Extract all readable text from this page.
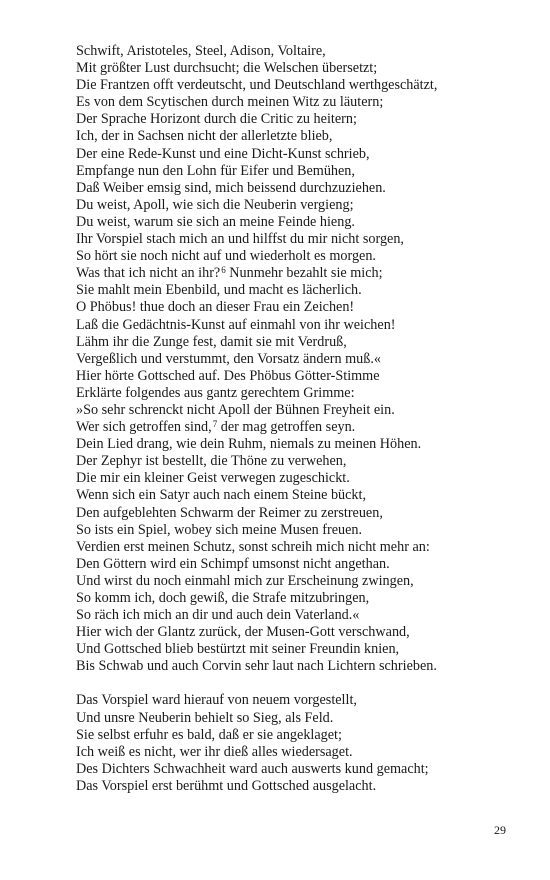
Schwift, Aristoteles, Steel, Adison, Voltaire,
Mit größter Lust durchsucht; die Welschen übersetzt;
Die Frantzen offt verdeutscht, und Deutschland werthgeschätzt,
Es von dem Scytischen durch meinen Witz zu läutern;
Der Sprache Horizont durch die Critic zu heitern;
Ich, der in Sachsen nicht der allerletzte blieb,
Der eine Rede-Kunst und eine Dicht-Kunst schrieb,
Empfange nun den Lohn für Eifer und Bemühen,
Daß Weiber emsig sind, mich beissend durchzuziehen.
Du weist, Apoll, wie sich die Neuberin vergieng;
Du weist, warum sie sich an meine Feinde hieng.
Ihr Vorspiel stach mich an und hilffst du mir nicht sorgen,
So hört sie noch nicht auf und wiederholt es morgen.
Was that ich nicht an ihr?$^6$ Nunmehr bezahlt sie mich;
Sie mahlt mein Ebenbild, und macht es lächerlich.
O Phöbus! thue doch an dieser Frau ein Zeichen!
Laß die Gedächtnis-Kunst auf einmahl von ihr weichen!
Lähm ihr die Zunge fest, damit sie mit Verdruß,
Vergeßlich und verstummt, den Vorsatz ändern muß.«
Hier hörte Gottsched auf. Des Phöbus Götter-Stimme
Erklärte folgendes aus gantz gerechtem Grimme:
»So sehr schrenckt nicht Apoll der Bühnen Freyheit ein.
Wer sich getroffen sind,$^7$ der mag getroffen seyn.
Dein Lied drang, wie dein Ruhm, niemals zu meinen Höhen.
Der Zephyr ist bestellt, die Thöne zu verwehen,
Die mir ein kleiner Geist verwegen zugeschickt.
Wenn sich ein Satyr auch nach einem Steine bückt,
Den aufgeblehten Schwarm der Reimer zu zerstreuen,
So ists ein Spiel, wobey sich meine Musen freuen.
Verdien erst meinen Schutz, sonst schreih mich nicht mehr an:
Den Göttern wird ein Schimpf umsonst nicht angethan.
Und wirst du noch einmahl mich zur Erscheinung zwingen,
So komm ich, doch gewiß, die Strafe mitzubringen,
So räch ich mich an dir und auch dein Vaterland.«
Hier wich der Glantz zurück, der Musen-Gott verschwand,
Und Gottsched blieb bestürtzt mit seiner Freundin knien,
Bis Schwab und auch Corvin sehr laut nach Lichtern schrieben.
Das Vorspiel ward hierauf von neuem vorgestellt,
Und unsre Neuberin behielt so Sieg, als Feld.
Sie selbst erfuhr es bald, daß er sie angeklaget;
Ich weiß es nicht, wer ihr dieß alles wiedersaget.
Des Dichters Schwachheit ward auch auswerts kund gemacht;
Das Vorspiel erst berühmt und Gottsched ausgelacht.
29
